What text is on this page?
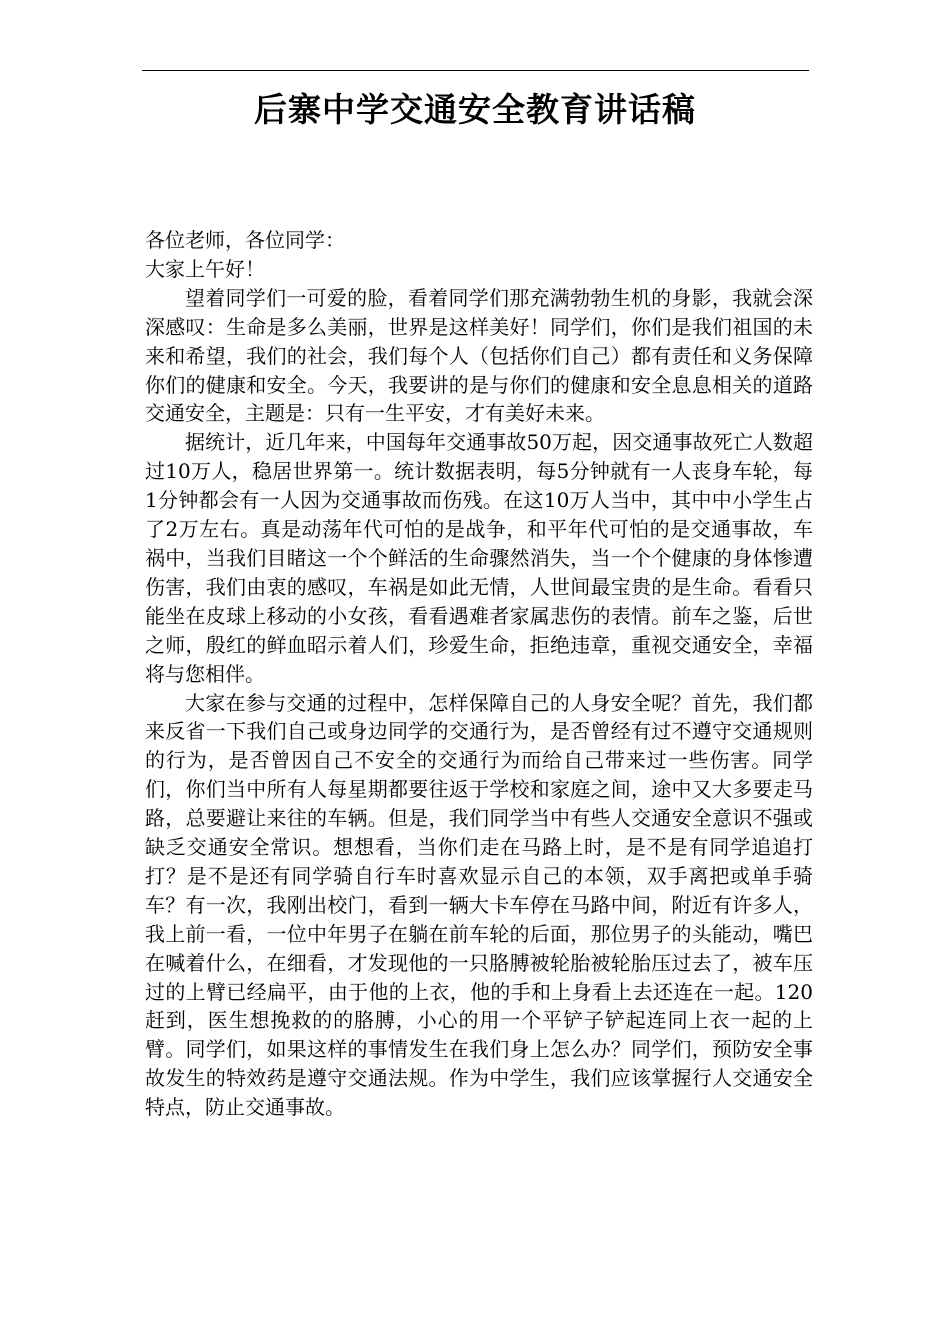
后寨中学交通安全教育讲话稿

各位老师，各位同学：

大家上午好！

望着同学们一可爱的脸，看着同学们那充满勃勃生机的身影，我就会深深感叹：生命是多么美丽，世界是这样美好！同学们，你们是我们祖国的未来和希望，我们的社会，我们每个人（包括你们自己）都有责任和义务保障你们的健康和安全。今天，我要讲的是与你们的健康和安全息息相关的道路交通安全，主题是：只有一生平安，才有美好未来。

据统计，近几年来，中国每年交通事故50万起，因交通事故死亡人数超过10万人，稳居世界第一。统计数据表明，每5分钟就有一人丧身车轮，每1分钟都会有一人因为交通事故而伤残。在这10万人当中，其中中小学生占了2万左右。真是动荡年代可怕的是战争，和平年代可怕的是交通事故，车祸中，当我们目睹这一个个鲜活的生命骤然消失，当一个个健康的身体惨遭伤害，我们由衷的感叹，车祸是如此无情，人世间最宝贵的是生命。看看只能坐在皮球上移动的小女孩，看看遇难者家属悲伤的表情。前车之鉴，后世之师，殷红的鲜血昭示着人们，珍爱生命，拒绝违章，重视交通安全，幸福将与您相伴。

大家在参与交通的过程中，怎样保障自己的人身安全呢？首先，我们都来反省一下我们自己或身边同学的交通行为，是否曾经有过不遵守交通规则的行为，是否曾因自己不安全的交通行为而给自己带来过一些伤害。同学们，你们当中所有人每星期都要往返于学校和家庭之间，途中又大多要走马路，总要避让来往的车辆。但是，我们同学当中有些人交通安全意识不强或缺乏交通安全常识。想想看，当你们走在马路上时，是不是有同学追追打打？是不是还有同学骑自行车时喜欢显示自己的本领，双手离把或单手骑车？有一次，我刚出校门，看到一辆大卡车停在马路中间，附近有许多人，我上前一看，一位中年男子在躺在前车轮的后面，那位男子的头能动，嘴巴在喊着什么，在细看，才发现他的一只胳膊被轮胎被轮胎压过去了，被车压过的上臂已经扁平，由于他的上衣，他的手和上身看上去还连在一起。120赶到，医生想挽救的的胳膊，小心的用一个平铲子铲起连同上衣一起的上臂。同学们，如果这样的事情发生在我们身上怎么办？同学们，预防安全事故发生的特效药是遵守交通法规。作为中学生，我们应该掌握行人交通安全特点，防止交通事故。
